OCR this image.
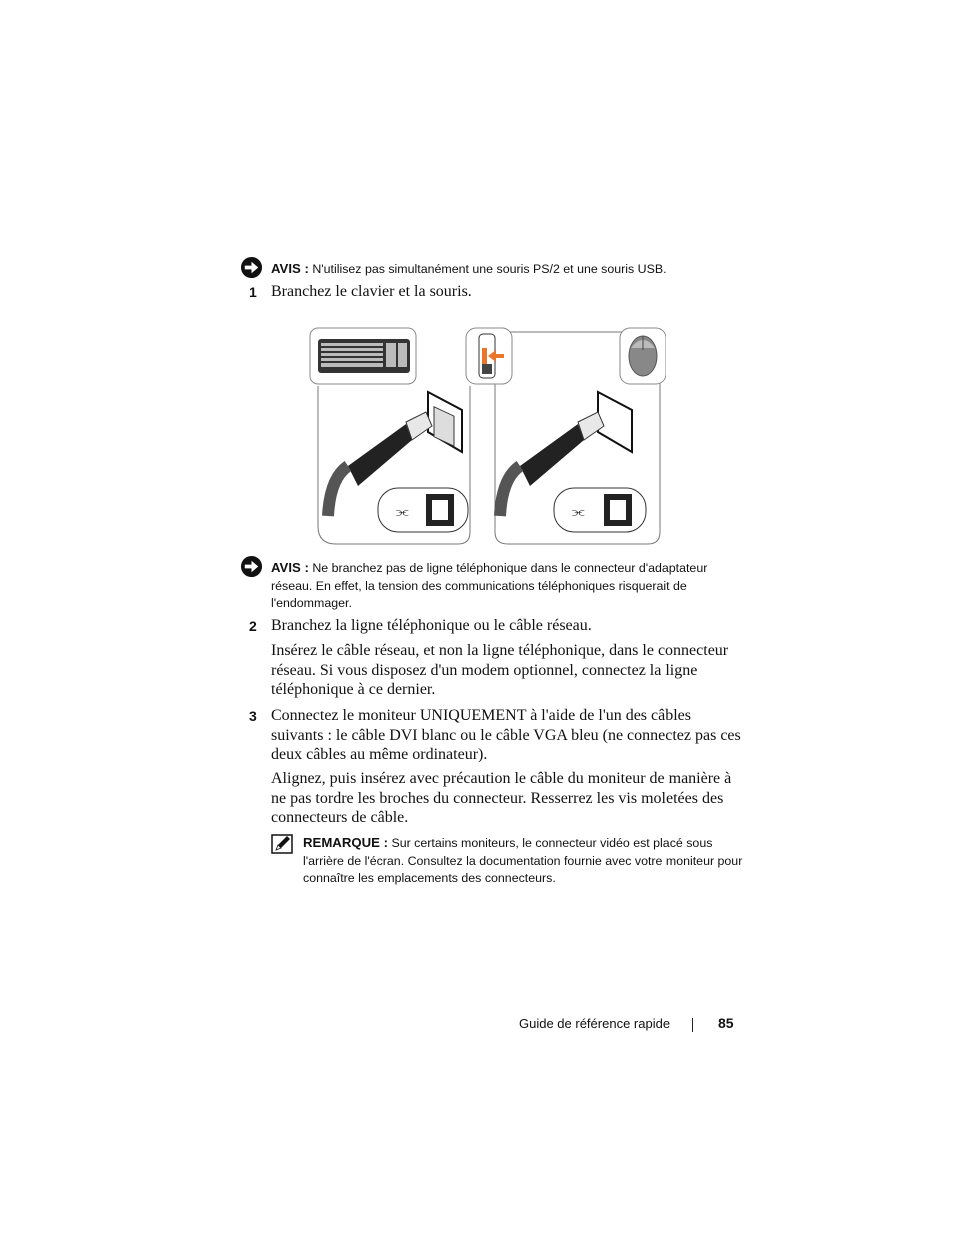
AVIS : N'utilisez pas simultanément une souris PS/2 et une souris USB.
1 Branchez le clavier et la souris.
⫘	⫘
AVIS : Ne branchez pas de ligne téléphonique dans le connecteur d'adaptateur réseau. En effet, la tension des communications téléphoniques risquerait de l'endommager.
2 Branchez la ligne téléphonique ou le câble réseau.
Insérez le câble réseau, et non la ligne téléphonique, dans le connecteur réseau. Si vous disposez d'un modem optionnel, connectez la ligne téléphonique à ce dernier.
3 Connectez le moniteur UNIQUEMENT à l'aide de l'un des câbles suivants : le câble DVI blanc ou le câble VGA bleu (ne connectez pas ces deux câbles au même ordinateur).
Alignez, puis insérez avec précaution le câble du moniteur de manière à ne pas tordre les broches du connecteur. Resserrez les vis moletées des connecteurs de câble.
REMARQUE : Sur certains moniteurs, le connecteur vidéo est placé sous l'arrière de l'écran. Consultez la documentation fournie avec votre moniteur pour connaître les emplacements des connecteurs.
Guide de référence rapide	85
